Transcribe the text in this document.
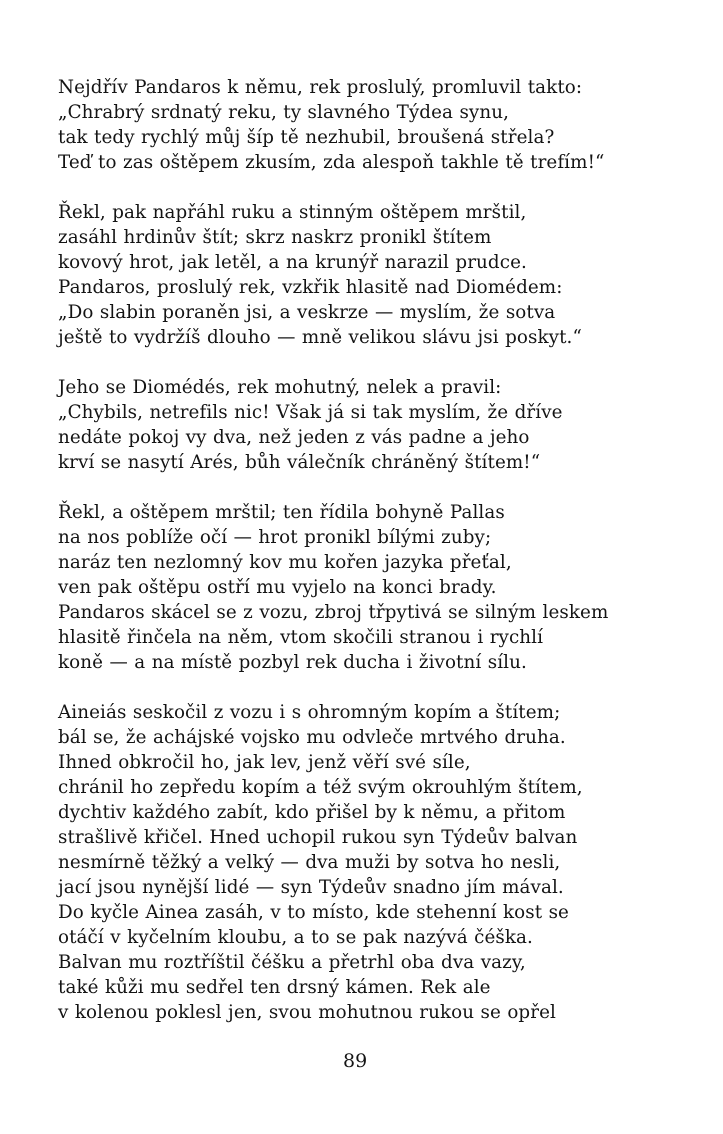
Nejdřív Pandaros k němu, rek proslulý, promluvil takto:
„Chrabrý srdnatý reku, ty slavného Týdea synu,
tak tedy rychlý můj šíp tě nezhubil, broušená střela?
Teď to zas oštěpem zkusím, zda alespoň takhle tě trefím!“
Řekl, pak napřáhl ruku a stinným oštěpem mrštil,
zasáhl hrdinův štít; skrz naskrz pronikl štítem
kovový hrot, jak letěl, a na krunýř narazil prudce.
Pandaros, proslulý rek, vzkřik hlasitě nad Diomédem:
„Do slabin poraněn jsi, a veskrze — myslím, že sotva
ještě to vydržíš dlouho — mně velikou slávu jsi poskyt.“
Jeho se Diomédés, rek mohutný, nelek a pravil:
„Chybils, netrefils nic! Však já si tak myslím, že dříve
nedáte pokoj vy dva, než jeden z vás padne a jeho
krví se nasytí Arés, bůh válečník chráněný štítem!“
Řekl, a oštěpem mrštil; ten řídila bohyně Pallas
na nos poblíže očí — hrot pronikl bílými zuby;
naráz ten nezlomný kov mu kořen jazyka přeťal,
ven pak oštěpu ostří mu vyjelo na konci brady.
Pandaros skácel se z vozu, zbroj třpytivá se silným leskem
hlasitě řinčela na něm, vtom skočili stranou i rychlí
koně — a na místě pozbyl rek ducha i životní sílu.
Aineiás seskočil z vozu i s ohromným kopím a štítem;
bál se, že achájské vojsko mu odvleče mrtvého druha.
Ihned obkročil ho, jak lev, jenž věří své síle,
chránil ho zepředu kopím a též svým okrouhlým štítem,
dychtiv každého zabít, kdo přišel by k němu, a přitom
strašlivě křičel. Hned uchopil rukou syn Týdeův balvan
nesmírně těžký a velký — dva muži by sotva ho nesli,
jací jsou nynější lidé — syn Týdeův snadno jím mával.
Do kyčle Ainea zasáh, v to místo, kde stehenní kost se
otáčí v kyčelním kloubu, a to se pak nazývá čéška.
Balvan mu roztříštil čéšku a přetrhl oba dva vazy,
také kůži mu sedřel ten drsný kámen. Rek ale
v kolenou poklesl jen, svou mohutnou rukou se opřel
89
